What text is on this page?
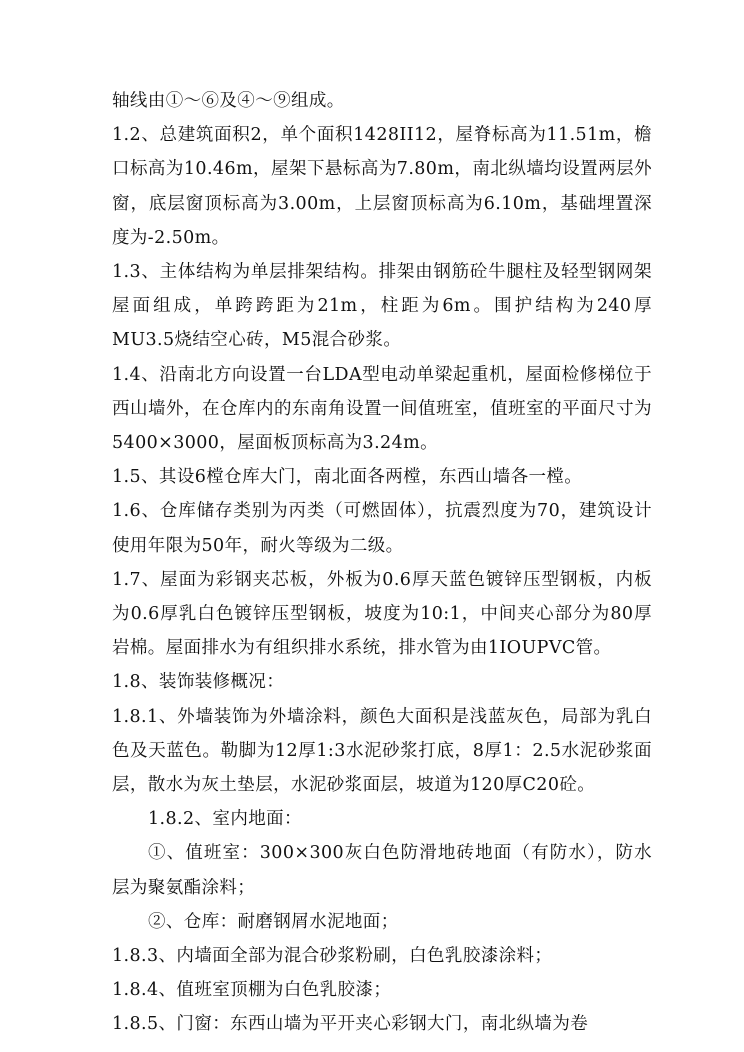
轴线由①～⑥及④～⑨组成。

1.2、总建筑面积2，单个面积1428II12，屋脊标高为11.51m，檐口标高为10.46m，屋架下悬标高为7.80m，南北纵墙均设置两层外窗，底层窗顶标高为3.00m，上层窗顶标高为6.10m，基础埋置深度为-2.50m。

1.3、主体结构为单层排架结构。排架由钢筋砼牛腿柱及轻型钢网架屋面组成，单跨跨距为21m，柱距为6m。围护结构为240厚MU3.5烧结空心砖，M5混合砂浆。

1.4、沿南北方向设置一台LDA型电动单梁起重机，屋面检修梯位于西山墙外，在仓库内的东南角设置一间值班室，值班室的平面尺寸为5400×3000，屋面板顶标高为3.24m。

1.5、其设6樘仓库大门，南北面各两樘，东西山墙各一樘。

1.6、仓库储存类别为丙类（可燃固体），抗震烈度为70，建筑设计使用年限为50年，耐火等级为二级。

1.7、屋面为彩钢夹芯板，外板为0.6厚天蓝色镀锌压型钢板，内板为0.6厚乳白色镀锌压型钢板，坡度为10:1，中间夹心部分为80厚岩棉。屋面排水为有组织排水系统，排水管为由1IOUPVC管。

1.8、装饰装修概况：

1.8.1、外墙装饰为外墙涂料，颜色大面积是浅蓝灰色，局部为乳白色及天蓝色。勒脚为12厚1:3水泥砂浆打底，8厚1：2.5水泥砂浆面层，散水为灰土垫层，水泥砂浆面层，坡道为120厚C20砼。

1.8.2、室内地面：

①、值班室：300×300灰白色防滑地砖地面（有防水），防水层为聚氨酯涂料；

②、仓库：耐磨钢屑水泥地面；

1.8.3、内墙面全部为混合砂浆粉刷，白色乳胶漆涂料；

1.8.4、值班室顶棚为白色乳胶漆；

1.8.5、门窗：东西山墙为平开夹心彩钢大门，南北纵墙为卷
